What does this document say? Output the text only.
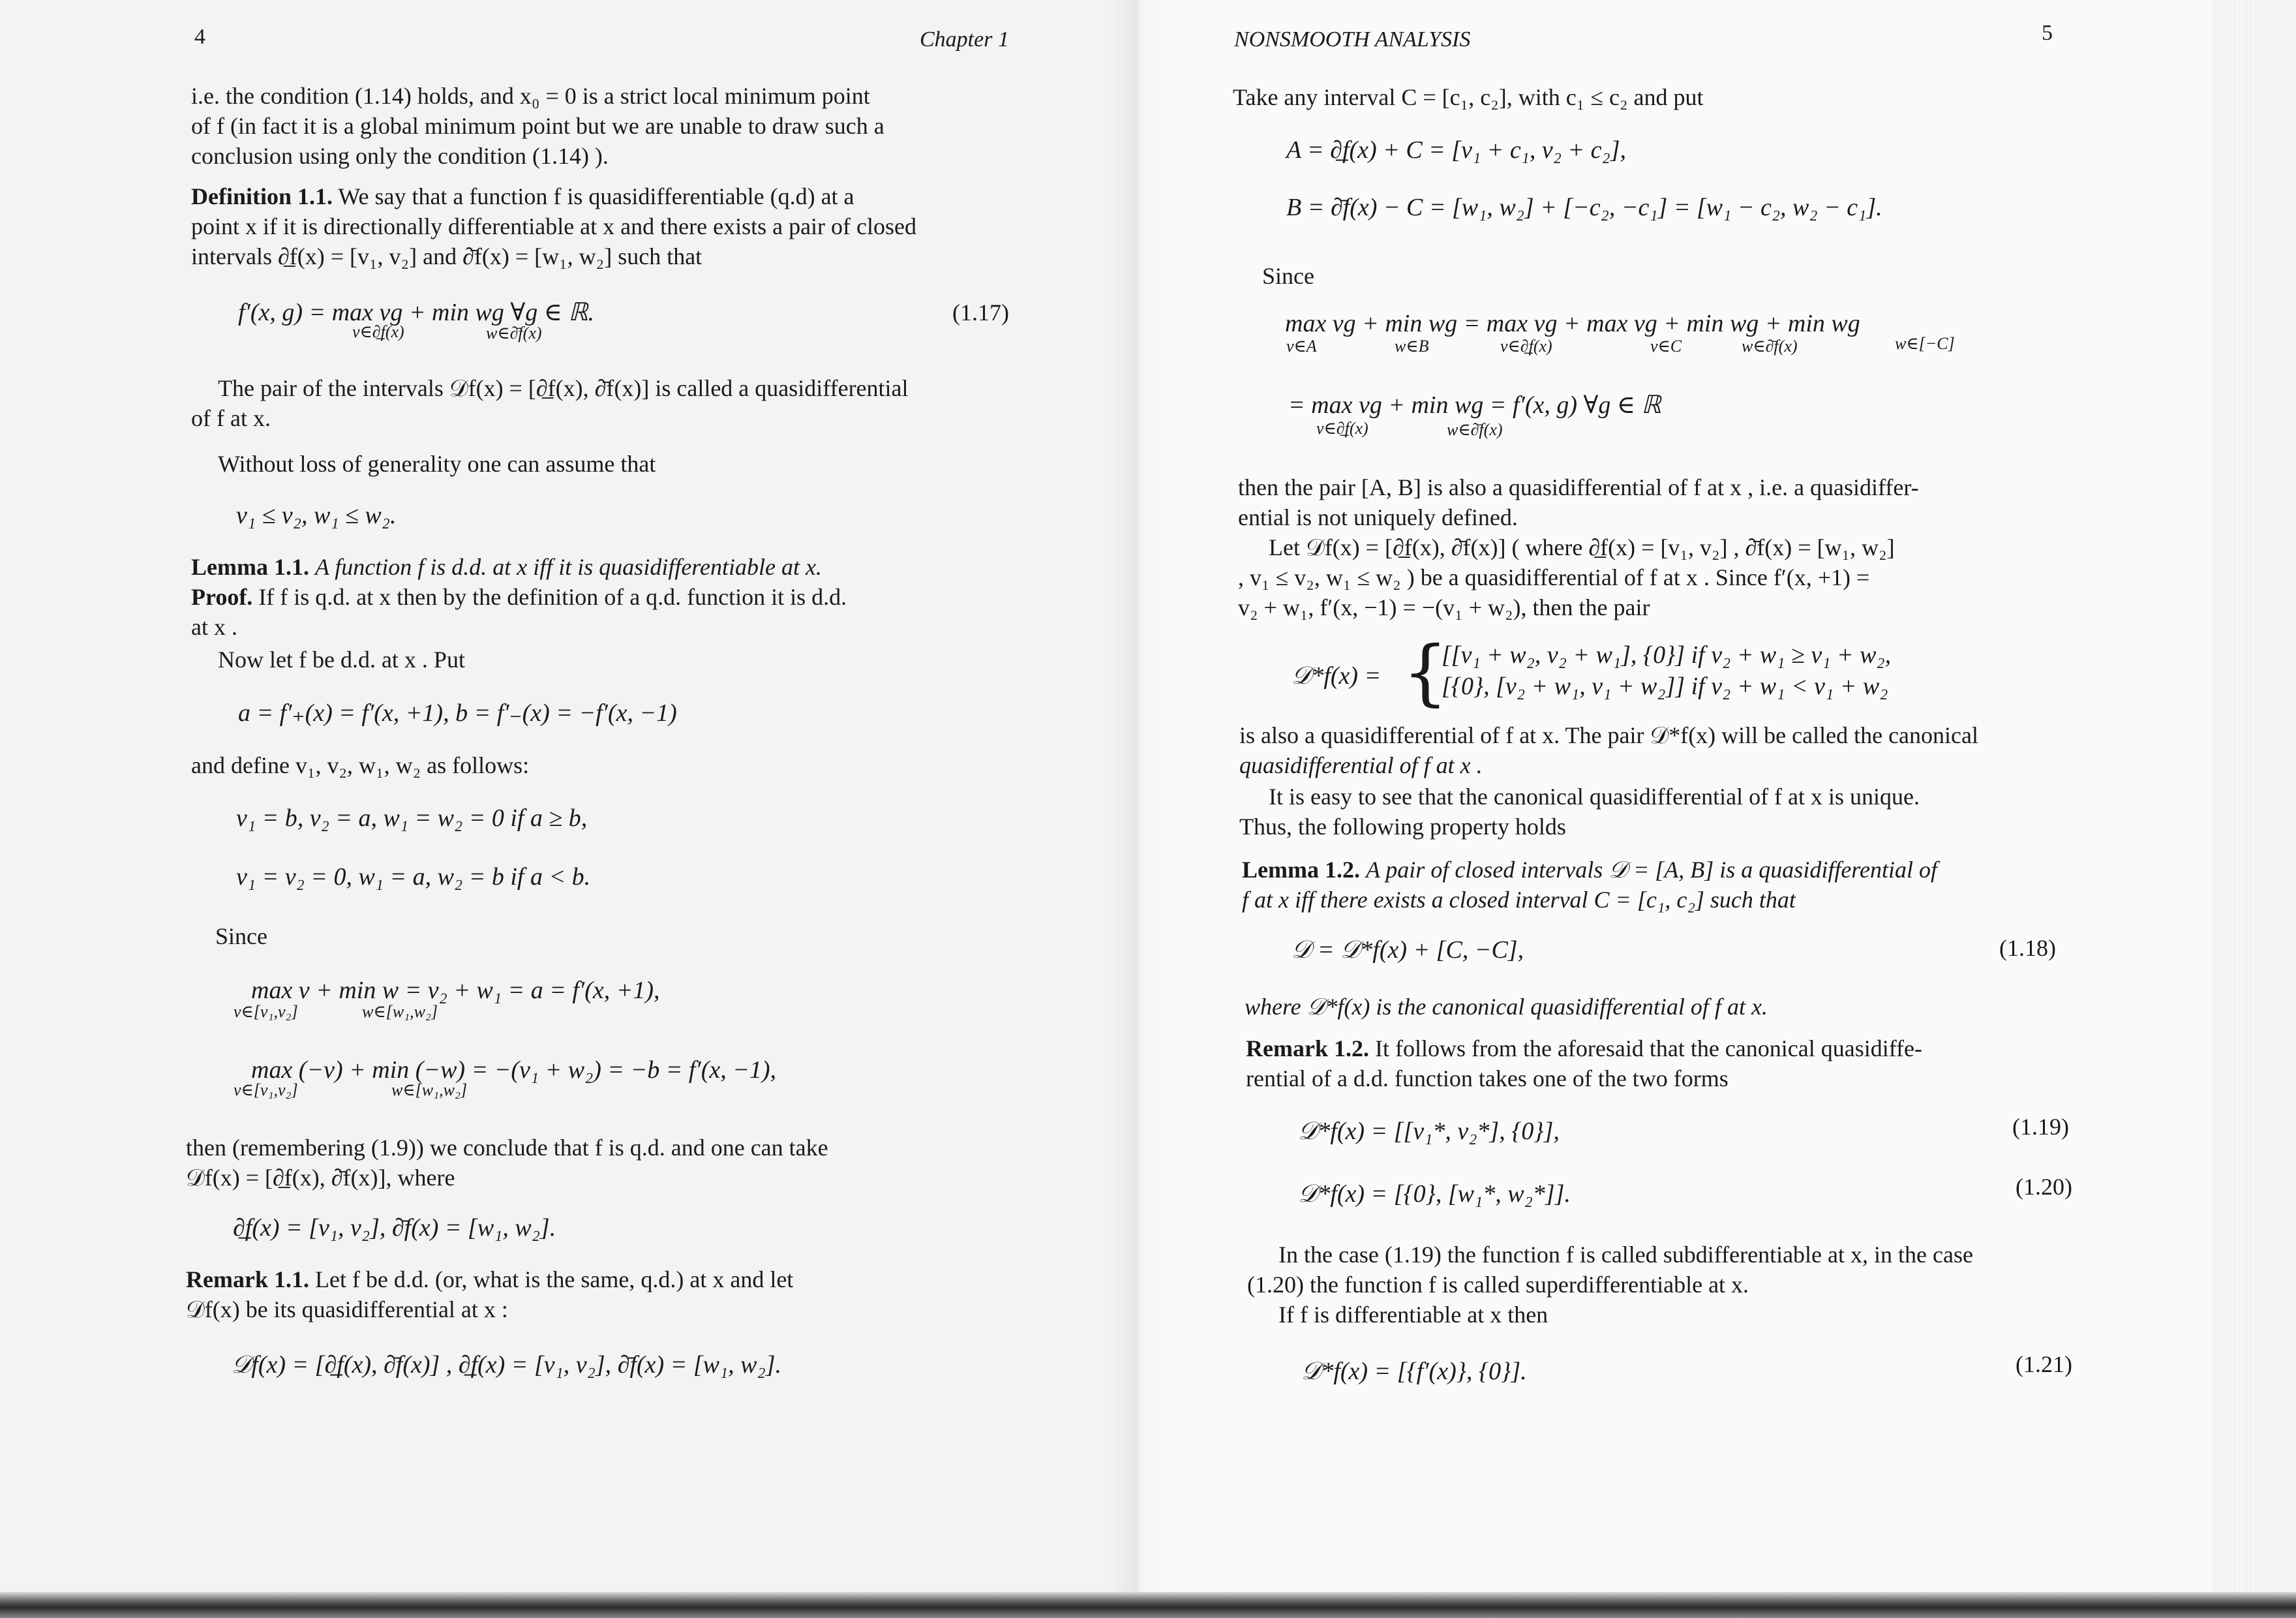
4	Chapter 1
i.e. the condition (1.14) holds, and x₀ = 0 is a strict local minimum point
of f (in fact it is a global minimum point but we are unable to draw such a
conclusion using only the condition (1.14) ).
Definition 1.1. We say that a function f is quasidifferentiable (q.d) at a
point x if it is directionally differentiable at x and there exists a pair of closed
intervals ∂̲f(x) = [v₁, v₂] and ∂̄f(x) = [w₁, w₂] such that
f′(x, g) = max vg + min wg ∀g ∈ ℝ.
v∈∂̲f(x)	w∈∂̄f(x)
(1.17)
The pair of the intervals 𝒟f(x) = [∂̲f(x), ∂̄f(x)] is called a quasidifferential
of f at x.
Without loss of generality one can assume that
v₁ ≤ v₂, w₁ ≤ w₂.
Lemma 1.1. A function f is d.d. at x iff it is quasidifferentiable at x.
Proof. If f is q.d. at x then by the definition of a q.d. function it is d.d.
at x .
Now let f be d.d. at x . Put
a = f′₊(x) = f′(x, +1), b = f′₋(x) = −f′(x, −1)
and define v₁, v₂, w₁, w₂ as follows:
v₁ = b, v₂ = a, w₁ = w₂ = 0 if a ≥ b,
v₁ = v₂ = 0, w₁ = a, w₂ = b if a < b.
Since
max v + min w = v₂ + w₁ = a = f′(x, +1),
v∈[v₁,v₂]	w∈[w₁,w₂]
max (−v) + min (−w) = −(v₁ + w₂) = −b = f′(x, −1),
v∈[v₁,v₂]	w∈[w₁,w₂]
then (remembering (1.9)) we conclude that f is q.d. and one can take
𝒟f(x) = [∂̲f(x), ∂̄f(x)], where
∂̲f(x) = [v₁, v₂], ∂̄f(x) = [w₁, w₂].
Remark 1.1. Let f be d.d. (or, what is the same, q.d.) at x and let
𝒟f(x) be its quasidifferential at x :
𝒟f(x) = [∂̲f(x), ∂̄f(x)] , ∂̲f(x) = [v₁, v₂], ∂̄f(x) = [w₁, w₂].
NONSMOOTH ANALYSIS	5
Take any interval C = [c₁, c₂], with c₁ ≤ c₂ and put
A = ∂̲f(x) + C = [v₁ + c₁, v₂ + c₂],
B = ∂̄f(x) − C = [w₁, w₂] + [−c₂, −c₁] = [w₁ − c₂, w₂ − c₁].
Since
max vg + min wg = max vg + max vg + min wg + min wg
v∈A	w∈B	v∈∂̲f(x)	v∈C	w∈∂̄f(x)	w∈[−C]
= max vg + min wg = f′(x, g) ∀g ∈ ℝ
v∈∂̲f(x)	w∈∂̄f(x)
then the pair [A, B] is also a quasidifferential of f at x , i.e. a quasidiffer-
ential is not uniquely defined.
Let 𝒟f(x) = [∂̲f(x), ∂̄f(x)] ( where ∂̲f(x) = [v₁, v₂] , ∂̄f(x) = [w₁, w₂]
, v₁ ≤ v₂, w₁ ≤ w₂ ) be a quasidifferential of f at x . Since f′(x, +1) =
v₂ + w₁, f′(x, −1) = −(v₁ + w₂), then the pair
𝒟*f(x) = {
[[v₁ + w₂, v₂ + w₁], {0}] if v₂ + w₁ ≥ v₁ + w₂,
[{0}, [v₂ + w₁, v₁ + w₂]] if v₂ + w₁ < v₁ + w₂
is also a quasidifferential of f at x. The pair 𝒟*f(x) will be called the canonical
quasidifferential of f at x .
It is easy to see that the canonical quasidifferential of f at x is unique.
Thus, the following property holds
Lemma 1.2. A pair of closed intervals 𝒟 = [A, B] is a quasidifferential of
f at x iff there exists a closed interval C = [c₁, c₂] such that
𝒟 = 𝒟*f(x) + [C, −C],	(1.18)
where 𝒟*f(x) is the canonical quasidifferential of f at x.
Remark 1.2. It follows from the aforesaid that the canonical quasidiffe-
rential of a d.d. function takes one of the two forms
𝒟*f(x) = [[v₁*, v₂*], {0}],	(1.19)
𝒟*f(x) = [{0}, [w₁*, w₂*]].	(1.20)
In the case (1.19) the function f is called subdifferentiable at x, in the case
(1.20) the function f is called superdifferentiable at x.
If f is differentiable at x then
𝒟*f(x) = [{f′(x)}, {0}].	(1.21)
